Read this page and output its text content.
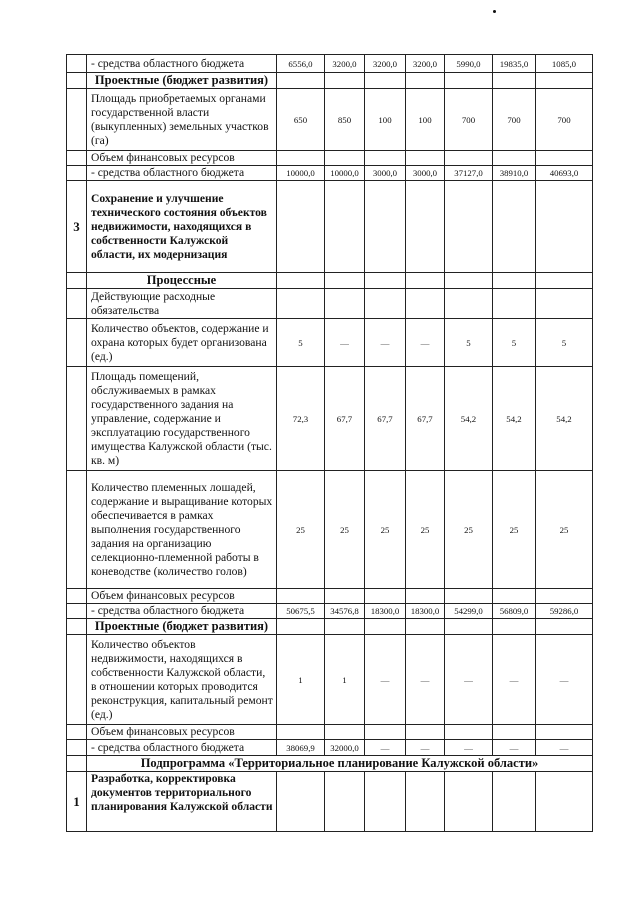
	- средства областного бюджета	6556,0	3200,0	3200,0	3200,0	5990,0	19835,0	1085,0
	Проектные (бюджет развития)							
	Площадь приобретаемых органами государственной власти (выкупленных) земельных участков (га)	650	850	100	100	700	700	700
	Объем финансовых ресурсов							
	- средства областного бюджета	10000,0	10000,0	3000,0	3000,0	37127,0	38910,0	40693,0
3	Сохранение и улучшение технического состояния объектов недвижимости, находящихся в собственности Калужской области, их модернизация							
	Процессные							
	Действующие расходные обязательства							
	Количество объектов, содержание и охрана которых будет организована (ед.)	5	—	—	—	5	5	5
	Площадь помещений, обслуживаемых в рамках государственного задания на управление, содержание и эксплуатацию государственного имущества Калужской области (тыс. кв. м)	72,3	67,7	67,7	67,7	54,2	54,2	54,2
	Количество племенных лошадей, содержание и выращивание которых обеспечивается в рамках выполнения государственного задания на организацию селекционно-племенной работы в коневодстве (количество голов)	25	25	25	25	25	25	25
	Объем финансовых ресурсов							
	- средства областного бюджета	50675,5	34576,8	18300,0	18300,0	54299,0	56809,0	59286,0
	Проектные (бюджет развития)							
	Количество объектов недвижимости, находящихся в собственности Калужской области, в отношении которых проводится реконструкция, капитальный ремонт (ед.)	1	1	—	—	—	—	—
	Объем финансовых ресурсов							
	- средства областного бюджета	38069,9	32000,0	—	—	—	—	—
	Подпрограмма «Территориальное планирование Калужской области»							
1	Разработка, корректировка документов территориального планирования Калужской области							
